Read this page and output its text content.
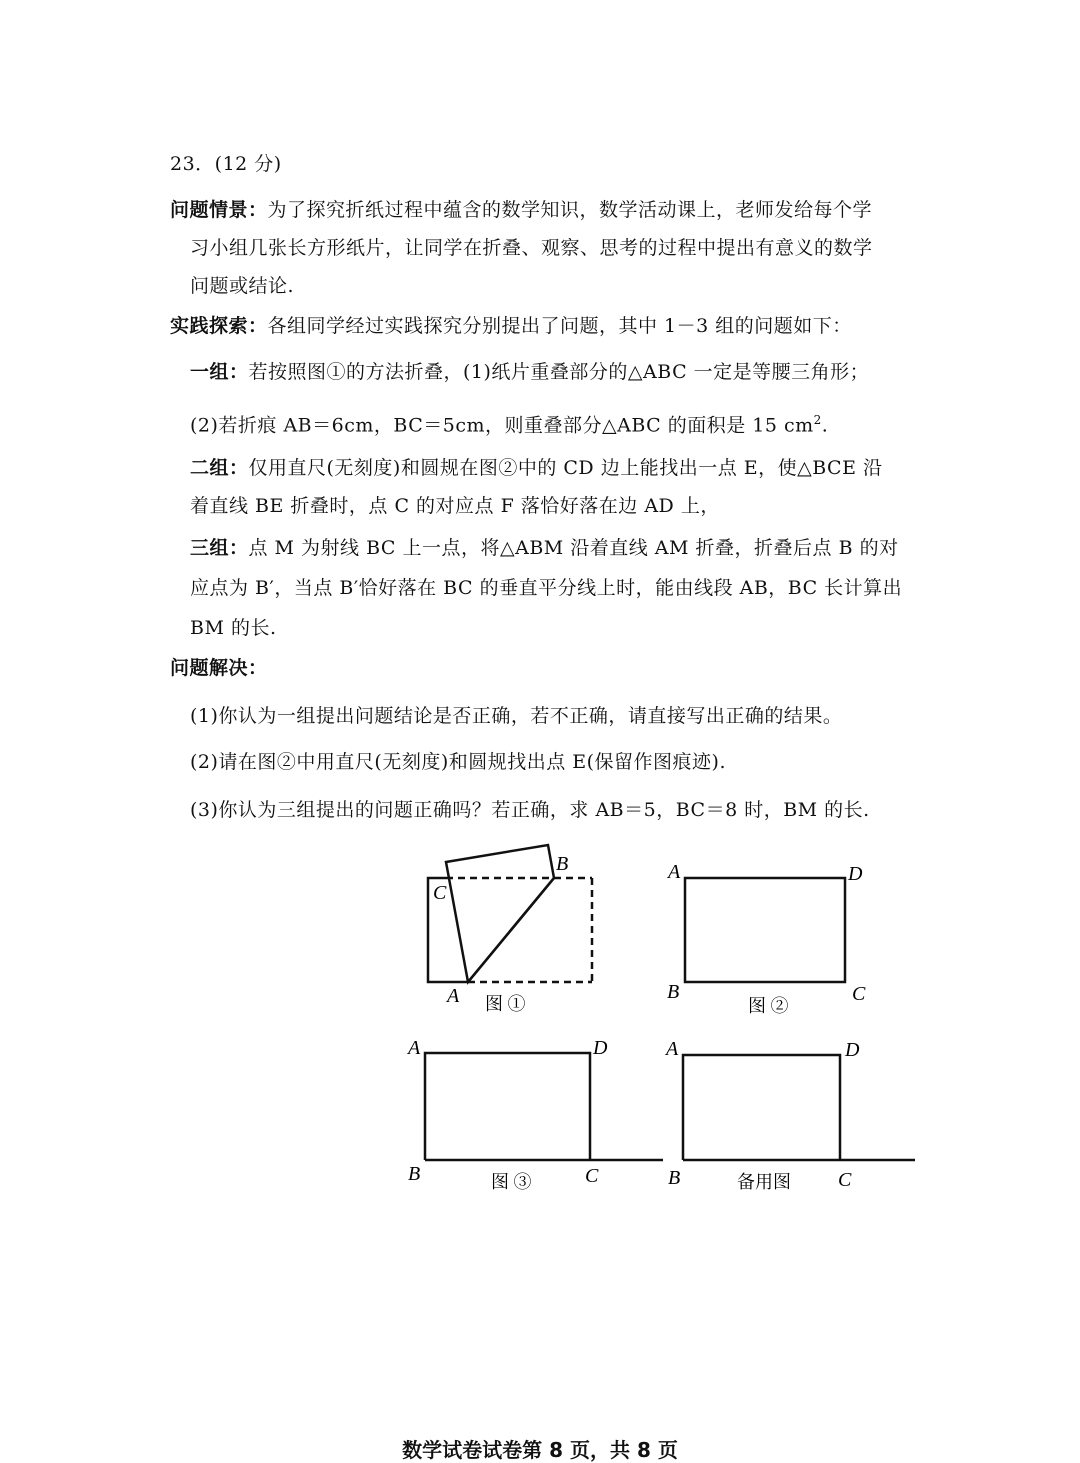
23．(12 分)
问题情景：为了探究折纸过程中蕴含的数学知识，数学活动课上，老师发给每个学
习小组几张长方形纸片，让同学在折叠、观察、思考的过程中提出有意义的数学
问题或结论.
实践探索：各组同学经过实践探究分别提出了问题，其中 1－3 组的问题如下：
一组：若按照图①的方法折叠，(1)纸片重叠部分的△ABC 一定是等腰三角形；
(2)若折痕 AB＝6cm，BC＝5cm，则重叠部分△ABC 的面积是 15 $cm^2$.
二组：仅用直尺(无刻度)和圆规在图②中的 CD 边上能找出一点 E，使△BCE 沿
着直线 BE 折叠时，点 C 的对应点 F 落恰好落在边 AD 上，
三组：点 M 为射线 BC 上一点，将△ABM 沿着直线 AM 折叠，折叠后点 B 的对
应点为 B′，当点 B′恰好落在 BC 的垂直平分线上时，能由线段 AB，BC 长计算出
BM 的长.
问题解决：
(1)你认为一组提出问题结论是否正确，若不正确，请直接写出正确的结果。
(2)请在图②中用直尺(无刻度)和圆规找出点 E(保留作图痕迹).
(3)你认为三组提出的问题正确吗？若正确，求 AB＝5，BC＝8 时，BM 的长.
C
B
A 图 ①
A	D
B	C
图 ②
A	D
B	C
图 ③
A	D
B	C
备用图
数学试卷试卷第 8 页，共 8 页
